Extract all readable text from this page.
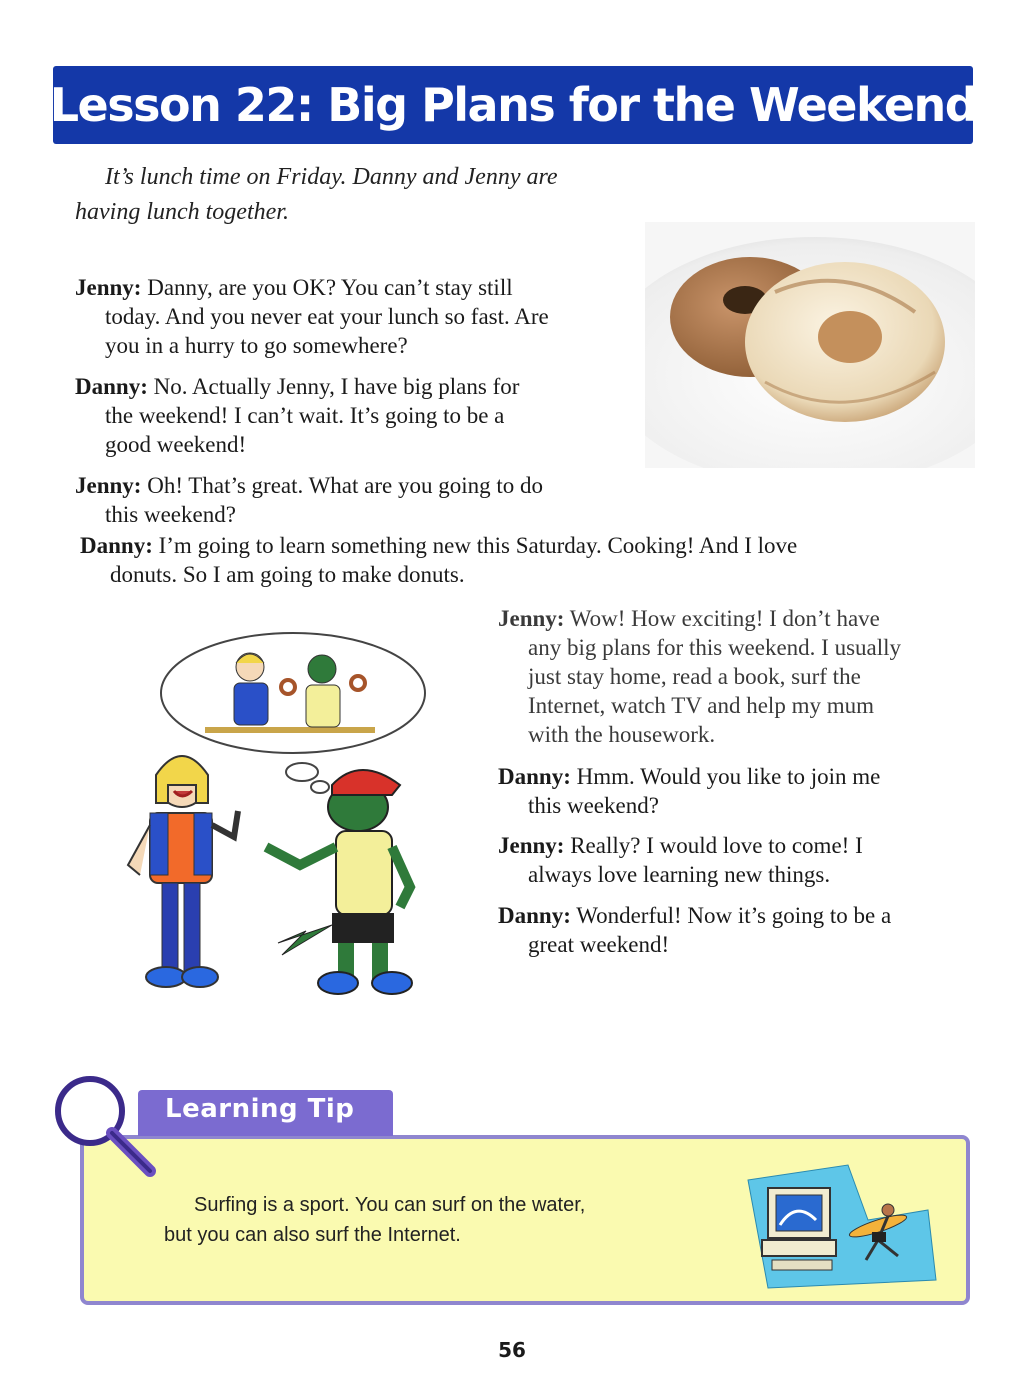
Lesson 22: Big Plans for the Weekend
It’s lunch time on Friday. Danny and Jenny are
having lunch together.
Jenny: Danny, are you OK? You can’t stay still
today. And you never eat your lunch so fast. Are
you in a hurry to go somewhere?
Danny: No. Actually Jenny, I have big plans for
the weekend! I can’t wait. It’s going to be a
good weekend!
Jenny: Oh! That’s great. What are you going to do
this weekend?
Danny: I’m going to learn something new this Saturday. Cooking! And I love
donuts. So I am going to make donuts.
Jenny: Wow! How exciting! I don’t have
any big plans for this weekend. I usually
just stay home, read a book, surf the
Internet, watch TV and help my mum
with the housework.
Danny: Hmm. Would you like to join me
this weekend?
Jenny: Really? I would love to come! I
always love learning new things.
Danny: Wonderful! Now it’s going to be a
great weekend!
Learning Tip
Surfing is a sport. You can surf on the water,
but you can also surf the Internet.
56
